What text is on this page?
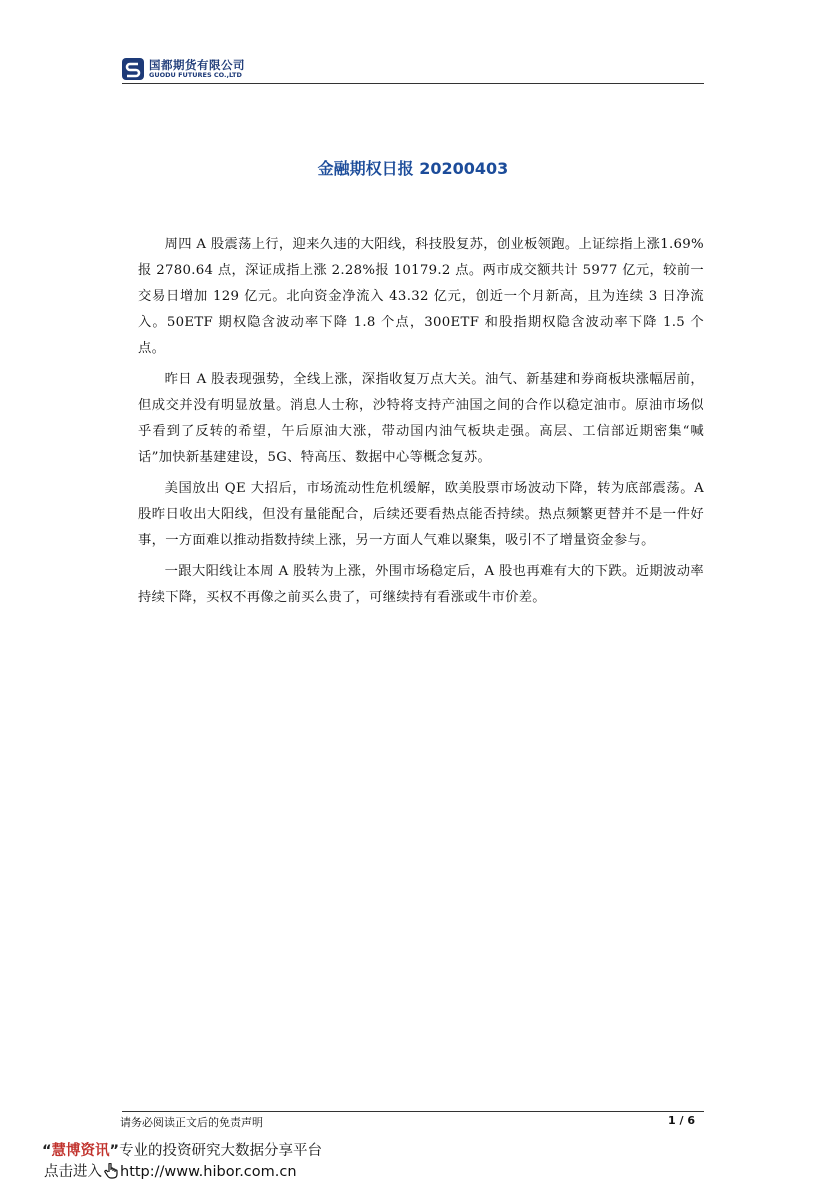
国都期货有限公司
GUODU FUTURES CO.,LTD
金融期权日报 20200403

周四 A 股震荡上行，迎来久违的大阳线，科技股复苏，创业板领跑。上证综指上涨1.69%报 2780.64 点，深证成指上涨 2.28%报 10179.2 点。两市成交额共计 5977 亿元，较前一交易日增加 129 亿元。北向资金净流入 43.32 亿元，创近一个月新高，且为连续 3 日净流入。50ETF 期权隐含波动率下降 1.8 个点，300ETF 和股指期权隐含波动率下降 1.5 个点。

昨日 A 股表现强势，全线上涨，深指收复万点大关。油气、新基建和券商板块涨幅居前，但成交并没有明显放量。消息人士称，沙特将支持产油国之间的合作以稳定油市。原油市场似乎看到了反转的希望，午后原油大涨，带动国内油气板块走强。高层、工信部近期密集“喊话”加快新基建建设，5G、特高压、数据中心等概念复苏。

美国放出 QE 大招后，市场流动性危机缓解，欧美股票市场波动下降，转为底部震荡。A 股昨日收出大阳线，但没有量能配合，后续还要看热点能否持续。热点频繁更替并不是一件好事，一方面难以推动指数持续上涨，另一方面人气难以聚集，吸引不了增量资金参与。

一跟大阳线让本周 A 股转为上涨，外围市场稳定后，A 股也再难有大的下跌。近期波动率持续下降，买权不再像之前买么贵了，可继续持有看涨或牛市价差。

请务必阅读正文后的免责声明	1 / 6
“慧博资讯”专业的投资研究大数据分享平台
点击进入 http://www.hibor.com.cn
